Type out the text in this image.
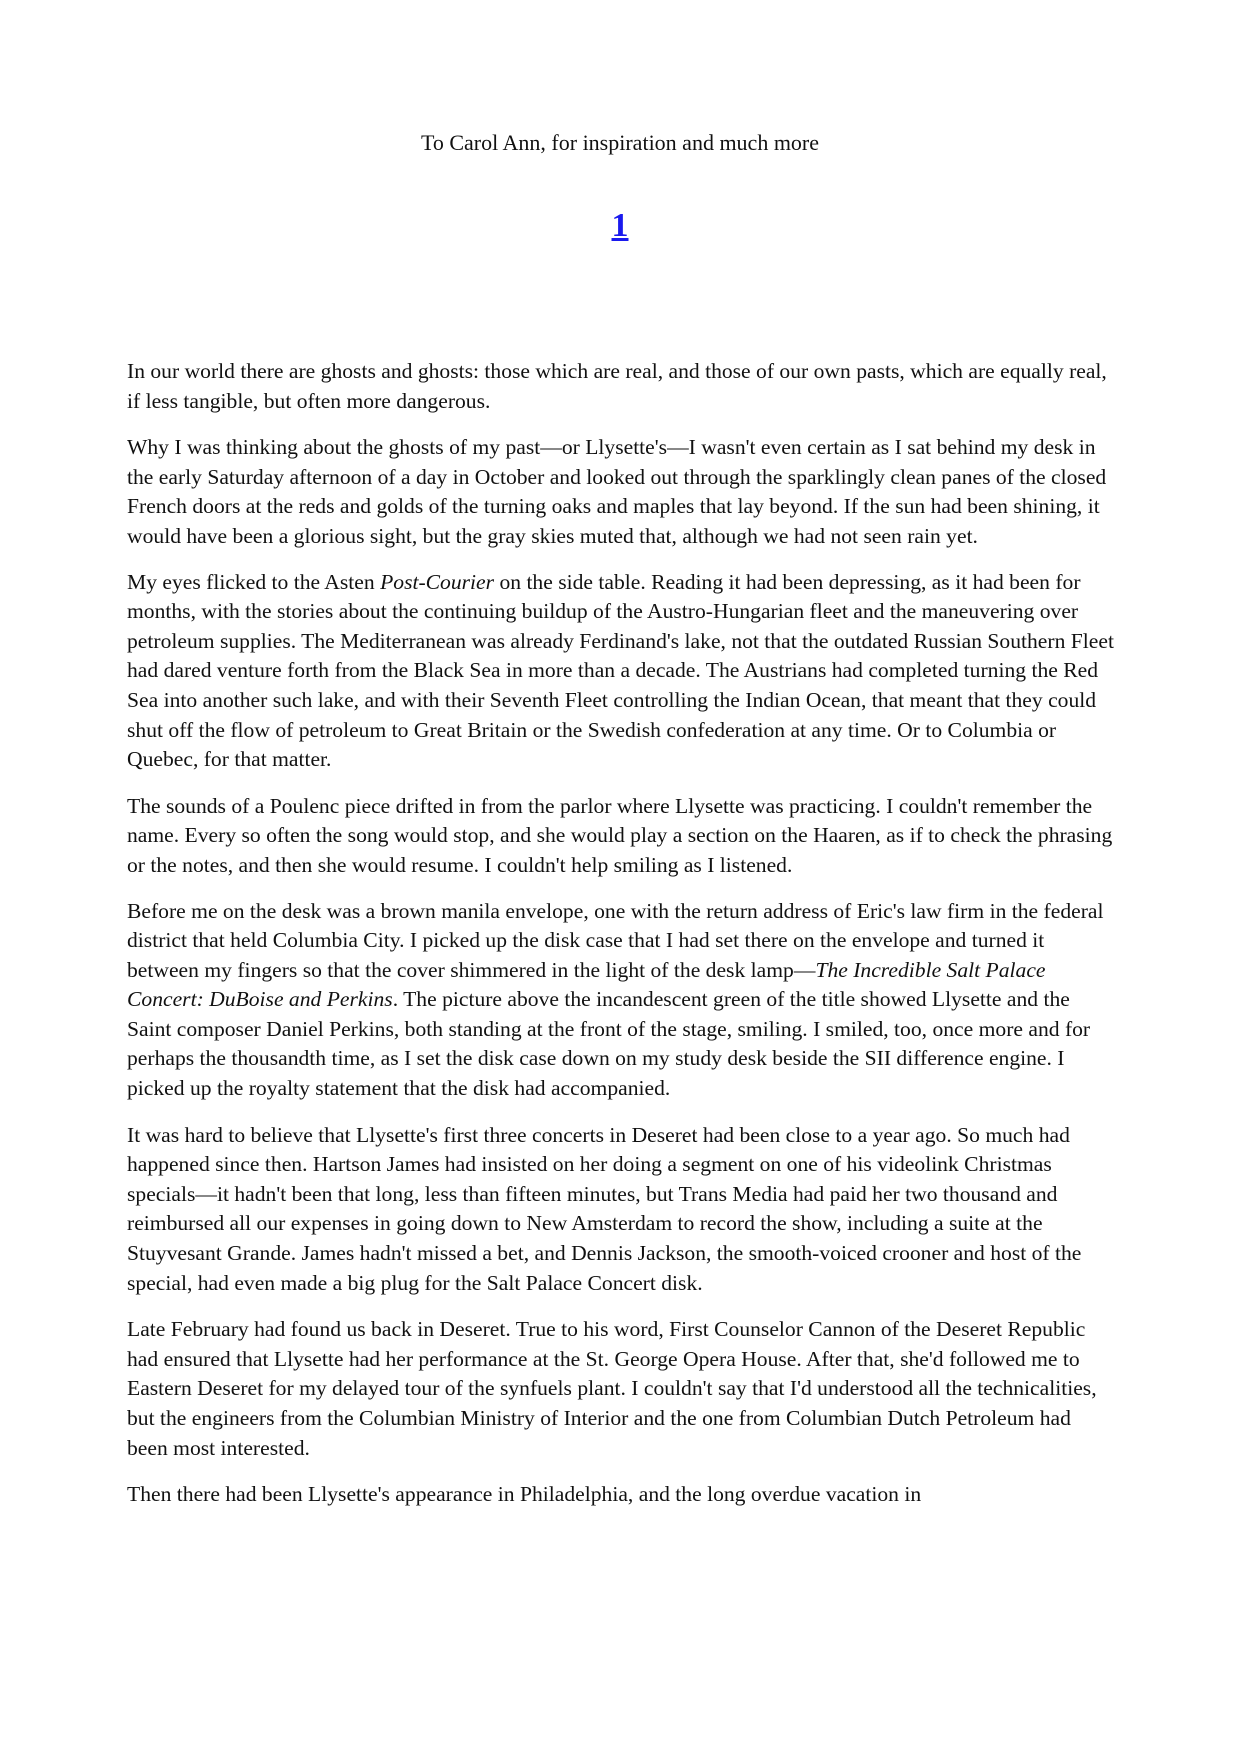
To Carol Ann, for inspiration and much more
1

In our world there are ghosts and ghosts: those which are real, and those of our own pasts, which are equally real, if less tangible, but often more dangerous.

Why I was thinking about the ghosts of my past—or Llysette's—I wasn't even certain as I sat behind my desk in the early Saturday afternoon of a day in October and looked out through the sparklingly clean panes of the closed French doors at the reds and golds of the turning oaks and maples that lay beyond. If the sun had been shining, it would have been a glorious sight, but the gray skies muted that, although we had not seen rain yet.

My eyes flicked to the Asten Post-Courier on the side table. Reading it had been depressing, as it had been for months, with the stories about the continuing buildup of the Austro-Hungarian fleet and the maneuvering over petroleum supplies. The Mediterranean was already Ferdinand's lake, not that the outdated Russian Southern Fleet had dared venture forth from the Black Sea in more than a decade. The Austrians had completed turning the Red Sea into another such lake, and with their Seventh Fleet controlling the Indian Ocean, that meant that they could shut off the flow of petroleum to Great Britain or the Swedish confederation at any time. Or to Columbia or Quebec, for that matter.

The sounds of a Poulenc piece drifted in from the parlor where Llysette was practicing. I couldn't remember the name. Every so often the song would stop, and she would play a section on the Haaren, as if to check the phrasing or the notes, and then she would resume. I couldn't help smiling as I listened.

Before me on the desk was a brown manila envelope, one with the return address of Eric's law firm in the federal district that held Columbia City. I picked up the disk case that I had set there on the envelope and turned it between my fingers so that the cover shimmered in the light of the desk lamp—The Incredible Salt Palace Concert: DuBoise and Perkins. The picture above the incandescent green of the title showed Llysette and the Saint composer Daniel Perkins, both standing at the front of the stage, smiling. I smiled, too, once more and for perhaps the thousandth time, as I set the disk case down on my study desk beside the SII difference engine. I picked up the royalty statement that the disk had accompanied.

It was hard to believe that Llysette's first three concerts in Deseret had been close to a year ago. So much had happened since then. Hartson James had insisted on her doing a segment on one of his videolink Christmas specials—it hadn't been that long, less than fifteen minutes, but Trans Media had paid her two thousand and reimbursed all our expenses in going down to New Amsterdam to record the show, including a suite at the Stuyvesant Grande. James hadn't missed a bet, and Dennis Jackson, the smooth-voiced crooner and host of the special, had even made a big plug for the Salt Palace Concert disk.

Late February had found us back in Deseret. True to his word, First Counselor Cannon of the Deseret Republic had ensured that Llysette had her performance at the St. George Opera House. After that, she'd followed me to Eastern Deseret for my delayed tour of the synfuels plant. I couldn't say that I'd understood all the technicalities, but the engineers from the Columbian Ministry of Interior and the one from Columbian Dutch Petroleum had been most interested.

Then there had been Llysette's appearance in Philadelphia, and the long overdue vacation in
